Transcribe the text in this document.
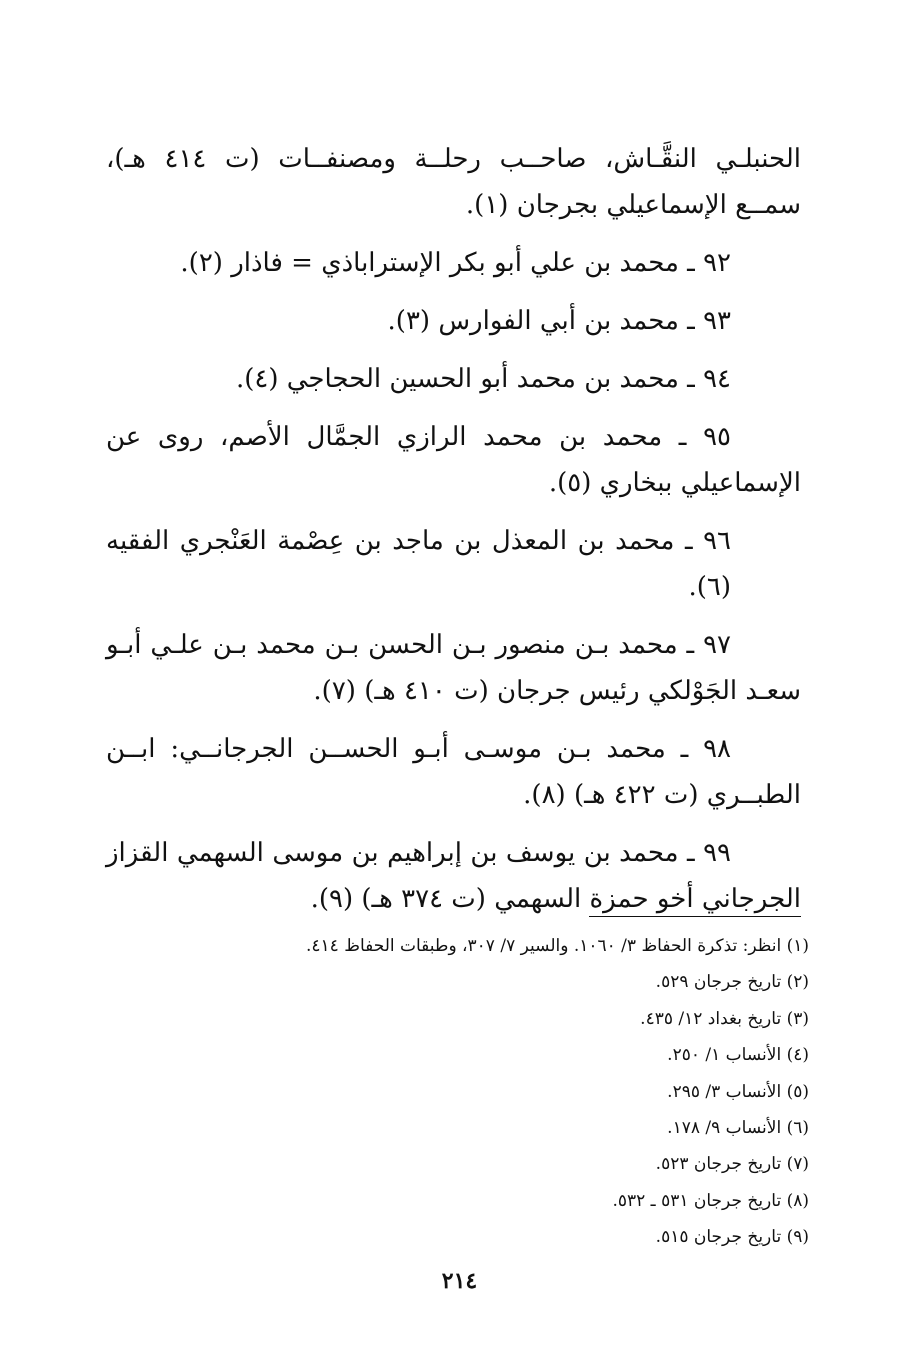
الحنبلـي النقَّـاش، صاحــب رحلــة ومصنفــات (ت ٤١٤ هـ)، سمــع الإسماعيلي بجرجان (١).

٩٢ ـ محمد بن علي أبو بكر الإستراباذي = فاذار (٢).

٩٣ ـ محمد بن أبي الفوارس (٣).

٩٤ ـ محمد بن محمد أبو الحسين الحجاجي (٤).

٩٥ ـ محمد بن محمد الرازي الجمَّال الأصم، روى عن الإسماعيلي ببخاري (٥).

٩٦ ـ محمد بن المعذل بن ماجد بن عِصْمة العَنْجري الفقيه (٦).

٩٧ ـ محمد بـن منصور بـن الحسن بـن محمد بـن علـي أبـو سعـد الجَوْلكي رئيس جرجان (ت ٤١٠ هـ) (٧).

٩٨ ـ محمد بـن موسـى أبـو الحســن الجرجانــي: ابــن الطبــري (ت ٤٢٢ هـ) (٨).

٩٩ ـ محمد بن يوسف بن إبراهيم بن موسى السهمي القزاز الجرجاني أخو حمزة السهمي (ت ٣٧٤ هـ) (٩).

(١) انظر: تذكرة الحفاظ ٣/ ١٠٦٠. والسير ٧/ ٣٠٧، وطبقات الحفاظ ٤١٤.
(٢) تاريخ جرجان ٥٢٩.
(٣) تاريخ بغداد ١٢/ ٤٣٥.
(٤) الأنساب ١/ ٢٥٠.
(٥) الأنساب ٣/ ٢٩٥.
(٦) الأنساب ٩/ ١٧٨.
(٧) تاريخ جرجان ٥٢٣.
(٨) تاريخ جرجان ٥٣١ ـ ٥٣٢.
(٩) تاريخ جرجان ٥١٥.
٢١٤
